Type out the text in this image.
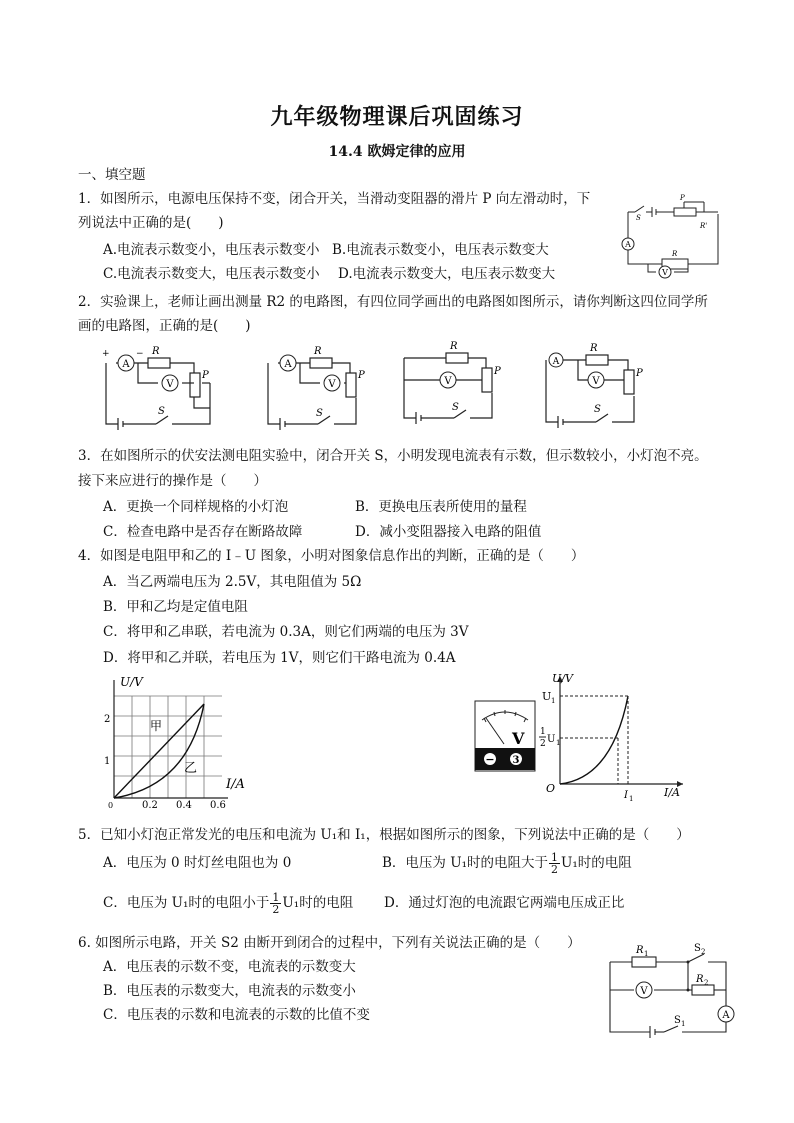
九年级物理课后巩固练习
14.4 欧姆定律的应用
一、填空题
1．如图所示，电源电压保持不变，闭合开关，当滑动变阻器的滑片 P 向左滑动时，下
列说法中正确的是(　　)
A.电流表示数变小，电压表示数变小 B.电流表示数变小，电压表示数变大
C.电流表示数变大，电压表示数变小 D.电流表示数变大，电压表示数变大
A
V
P
R'
R
S
2．实验课上，老师让画出测量 R2 的电路图，有四位同学画出的电路图如图所示，请你判断这四位同学所
画的电路图，正确的是(　　)
A
V
R
P
S
+	−
A
V
R
P
S
V
R
P
S
A
V
R
P
S
3．在如图所示的伏安法测电阻实验中，闭合开关 S，小明发现电流表有示数，但示数较小，小灯泡不亮。
接下来应进行的操作是（　　）
A．更换一个同样规格的小灯泡	B．更换电压表所使用的量程
C．检查电路中是否存在断路故障	D．减小变阻器接入电路的阻值
4．如图是电阻甲和乙的 I﹣U 图象，小明对图象信息作出的判断，正确的是（　　）
A．当乙两端电压为 2.5V，其电阻值为 5Ω
B．甲和乙均是定值电阻
C．将甲和乙串联，若电流为 0.3A，则它们两端的电压为 3V
D．将甲和乙并联，若电压为 1V，则它们干路电流为 0.4A
U/V
I/A
1
2
0	0.2 0.4 0.6
甲
乙
V
− 3
U/V
I/A
U 1
1
2 U 1
O
I 1
5．已知小灯泡正常发光的电压和电流为 U₁和 I₁，根据如图所示的图象，下列说法中正确的是（　　）
A．电压为 0 时灯丝电阻也为 0	B．电压为 U₁时的电阻大于 $\frac{1}{2} U_1$时的电阻
C．电压为 U₁时的电阻小于 $\frac{1}{2} U_1$时的电阻 D．通过灯泡的电流跟它两端电压成正比
6. 如图所示电路，开关 S2 由断开到闭合的过程中，下列有关说法正确的是（　　）
A．电压表的示数不变，电流表的示数变大
B．电压表的示数变大，电流表的示数变小
C．电压表的示数和电流表的示数的比值不变
V
A
R 1
R 2
S 2
S 1
